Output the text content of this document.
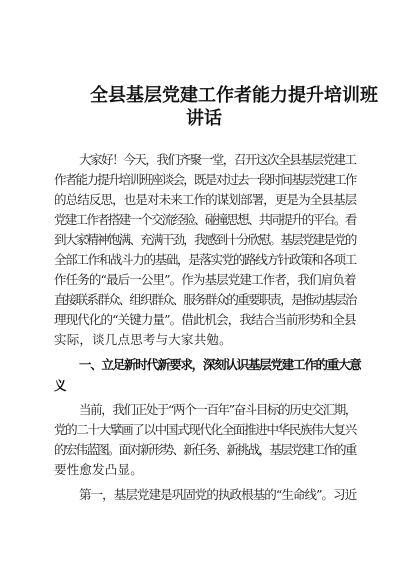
全县基层党建工作者能力提升培训班
讲话
大家好！今天，我们齐聚一堂，召开这次全县基层党建工
作者能力提升培训班座谈会，既是对过去一段时间基层党建工作
的总结反思，也是对未来工作的谋划部署，更是为全县基层
党建工作者搭建一个交流经验、碰撞思想、共同提升的平台。看
到大家精神饱满、充满干劲，我感到十分欣慰。基层党建是党的
全部工作和战斗力的基础，是落实党的路线方针政策和各项工
作任务的“最后一公里”。作为基层党建工作者，我们肩负着
直接联系群众、组织群众、服务群众的重要职责，是推动基层治
理现代化的“关键力量”。借此机会，我结合当前形势和全县
实际，谈几点思考与大家共勉。
一、立足新时代新要求，深刻认识基层党建工作的重大意
义
当前，我们正处于“两个一百年”奋斗目标的历史交汇期，
党的二十大擘画了以中国式现代化全面推进中华民族伟大复兴
的宏伟蓝图。面对新形势、新任务、新挑战，基层党建工作的重
要性愈发凸显。
第一，基层党建是巩固党的执政根基的“生命线”。习近
